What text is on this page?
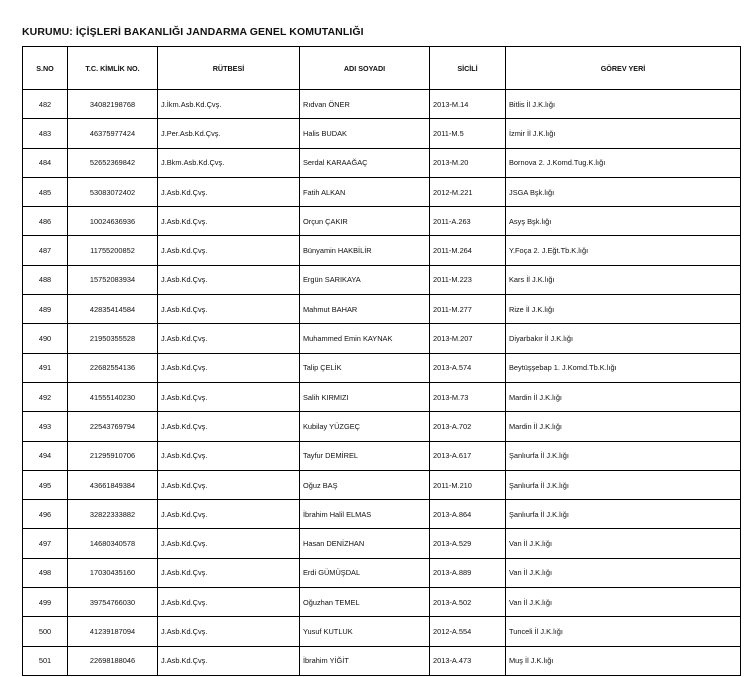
KURUMU: İÇİŞLERİ BAKANLIĞI JANDARMA GENEL KOMUTANLIĞI
S.NO	T.C. KİMLİK NO.	RÜTBESİ	ADI SOYADI	SİCİLİ	GÖREV YERİ
482	34082198768	J.İkm.Asb.Kd.Çvş.	Rıdvan ÖNER	2013-M.14	Bitlis İl J.K.lığı
483	46375977424	J.Per.Asb.Kd.Çvş.	Halis BUDAK	2011-M.5	İzmir İl J.K.lığı
484	52652369842	J.Bkm.Asb.Kd.Çvş.	Serdal KARAAĞAÇ	2013-M.20	Bornova 2. J.Komd.Tug.K.lığı
485	53083072402	J.Asb.Kd.Çvş.	Fatih ALKAN	2012-M.221	JSGA Bşk.lığı
486	10024636936	J.Asb.Kd.Çvş.	Orçun ÇAKIR	2011-A.263	Asyş Bşk.lığı
487	11755200852	J.Asb.Kd.Çvş.	Bünyamin HAKBİLİR	2011-M.264	Y.Foça 2. J.Eğt.Tb.K.lığı
488	15752083934	J.Asb.Kd.Çvş.	Ergün SARIKAYA	2011-M.223	Kars İl J.K.lığı
489	42835414584	J.Asb.Kd.Çvş.	Mahmut BAHAR	2011-M.277	Rize İl J.K.lığı
490	21950355528	J.Asb.Kd.Çvş.	Muhammed Emin KAYNAK	2013-M.207	Diyarbakır İl J.K.lığı
491	22682554136	J.Asb.Kd.Çvş.	Talip ÇELİK	2013-A.574	Beytüşşebap 1. J.Komd.Tb.K.lığı
492	41555140230	J.Asb.Kd.Çvş.	Salih KIRMIZI	2013-M.73	Mardin İl J.K.lığı
493	22543769794	J.Asb.Kd.Çvş.	Kubilay YÜZGEÇ	2013-A.702	Mardin İl J.K.lığı
494	21295910706	J.Asb.Kd.Çvş.	Tayfur DEMİREL	2013-A.617	Şanlıurfa İl J.K.lığı
495	43661849384	J.Asb.Kd.Çvş.	Oğuz BAŞ	2011-M.210	Şanlıurfa İl J.K.lığı
496	32822333882	J.Asb.Kd.Çvş.	İbrahim Halil ELMAS	2013-A.864	Şanlıurfa İl J.K.lığı
497	14680340578	J.Asb.Kd.Çvş.	Hasan DENİZHAN	2013-A.529	Van İl J.K.lığı
498	17030435160	J.Asb.Kd.Çvş.	Erdi GÜMÜŞDAL	2013-A.889	Van İl J.K.lığı
499	39754766030	J.Asb.Kd.Çvş.	Oğuzhan TEMEL	2013-A.502	Van İl J.K.lığı
500	41239187094	J.Asb.Kd.Çvş.	Yusuf KUTLUK	2012-A.554	Tunceli İl J.K.lığı
501	22698188046	J.Asb.Kd.Çvş.	İbrahim YİĞİT	2013-A.473	Muş İl J.K.lığı
